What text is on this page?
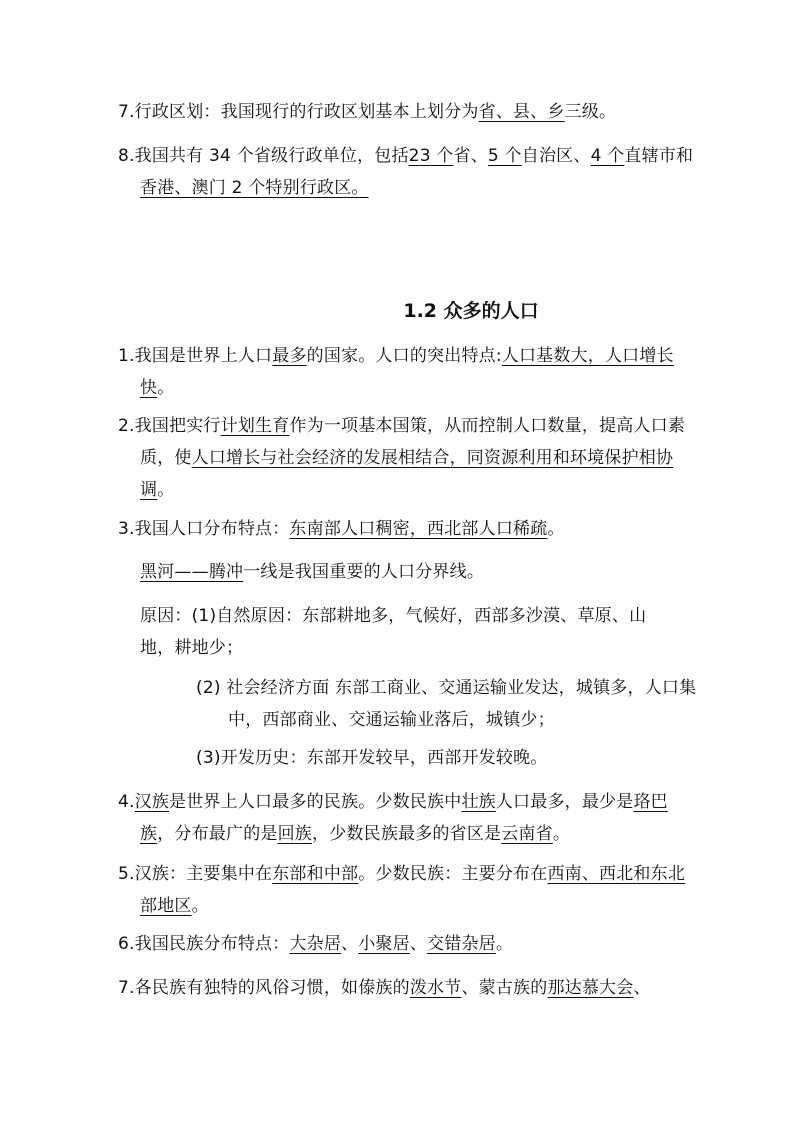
7.行政区划：我国现行的行政区划基本上划分为省、县、乡三级。

8.我国共有 34 个省级行政单位，包括23 个省、5 个自治区、4 个直辖市和香港、澳门 2 个特别行政区。

1.2 众多的人口

1.我国是世界上人口最多的国家。人口的突出特点:人口基数大，人口增长快。

2.我国把实行计划生育作为一项基本国策，从而控制人口数量，提高人口素质，使人口增长与社会经济的发展相结合，同资源利用和环境保护相协调。

3.我国人口分布特点：东南部人口稠密，西北部人口稀疏。

黑河——腾冲一线是我国重要的人口分界线。

原因：(1)自然原因：东部耕地多，气候好，西部多沙漠、草原、山地，耕地少；

(2) 社会经济方面 东部工商业、交通运输业发达，城镇多，人口集中，西部商业、交通运输业落后，城镇少；

(3)开发历史：东部开发较早，西部开发较晚。

4.汉族是世界上人口最多的民族。少数民族中壮族人口最多，最少是珞巴族，分布最广的是回族，少数民族最多的省区是云南省。

5.汉族：主要集中在东部和中部。少数民族：主要分布在西南、西北和东北部地区。

6.我国民族分布特点：大杂居、小聚居、交错杂居。

7.各民族有独特的风俗习惯，如傣族的泼水节、蒙古族的那达慕大会、
